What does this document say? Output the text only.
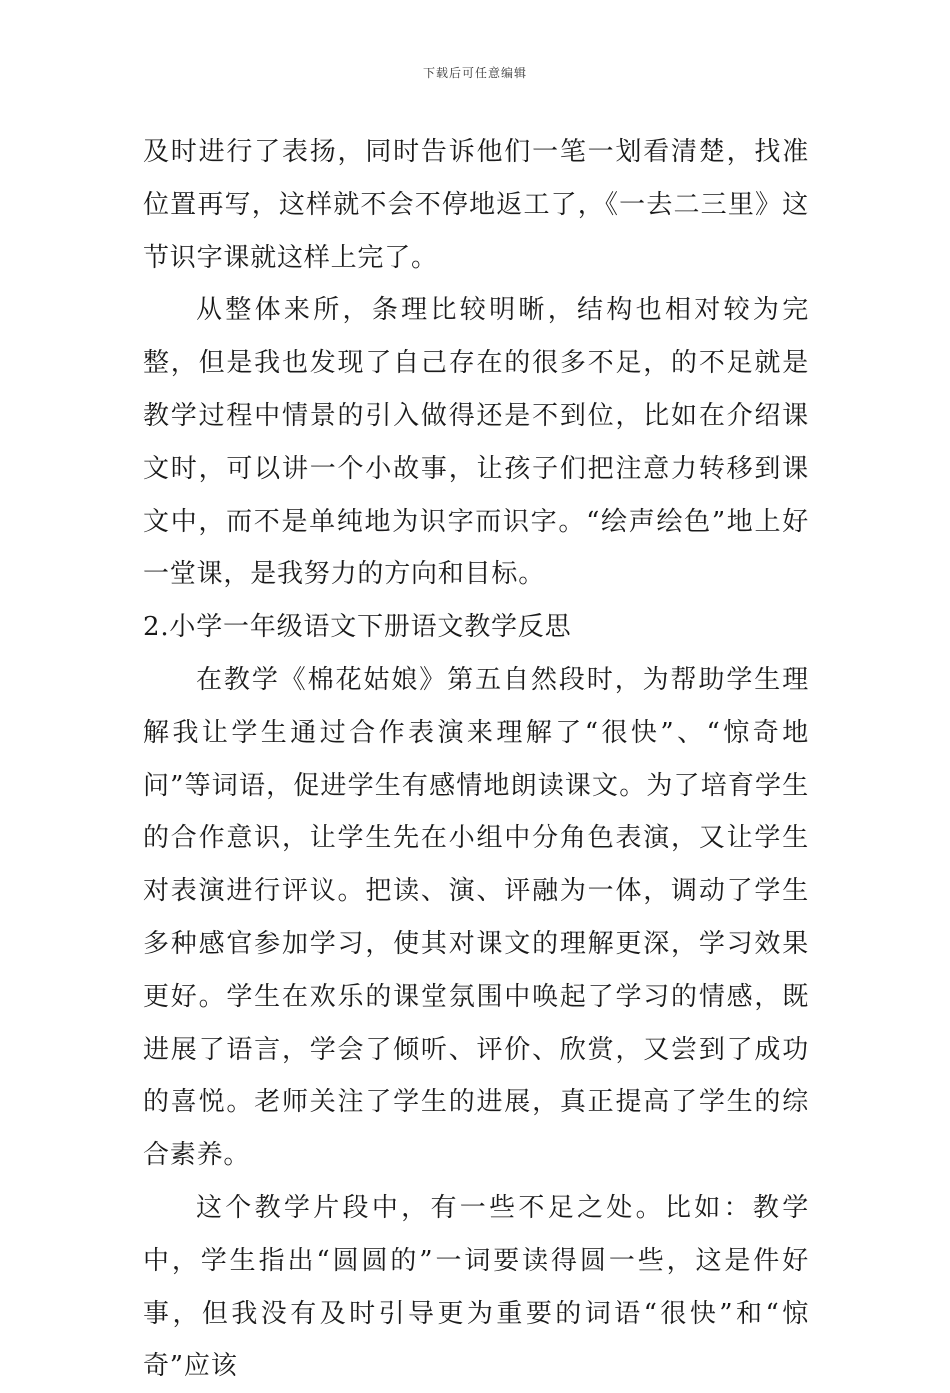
下载后可任意编辑

及时进行了表扬，同时告诉他们一笔一划看清楚，找准位置再写，这样就不会不停地返工了，《一去二三里》这节识字课就这样上完了。

从整体来所，条理比较明晰，结构也相对较为完整，但是我也发现了自己存在的很多不足，的不足就是教学过程中情景的引入做得还是不到位，比如在介绍课文时，可以讲一个小故事，让孩子们把注意力转移到课文中，而不是单纯地为识字而识字。“绘声绘色”地上好一堂课，是我努力的方向和目标。

2.小学一年级语文下册语文教学反思

在教学《棉花姑娘》第五自然段时，为帮助学生理解我让学生通过合作表演来理解了“很快”、“惊奇地问”等词语，促进学生有感情地朗读课文。为了培育学生的合作意识，让学生先在小组中分角色表演，又让学生对表演进行评议。把读、演、评融为一体，调动了学生多种感官参加学习，使其对课文的理解更深，学习效果更好。学生在欢乐的课堂氛围中唤起了学习的情感，既进展了语言，学会了倾听、评价、欣赏，又尝到了成功的喜悦。老师关注了学生的进展，真正提高了学生的综合素养。

这个教学片段中，有一些不足之处。比如：教学中，学生指出“圆圆的”一词要读得圆一些，这是件好事，但我没有及时引导更为重要的词语“很快”和“惊奇”应该
